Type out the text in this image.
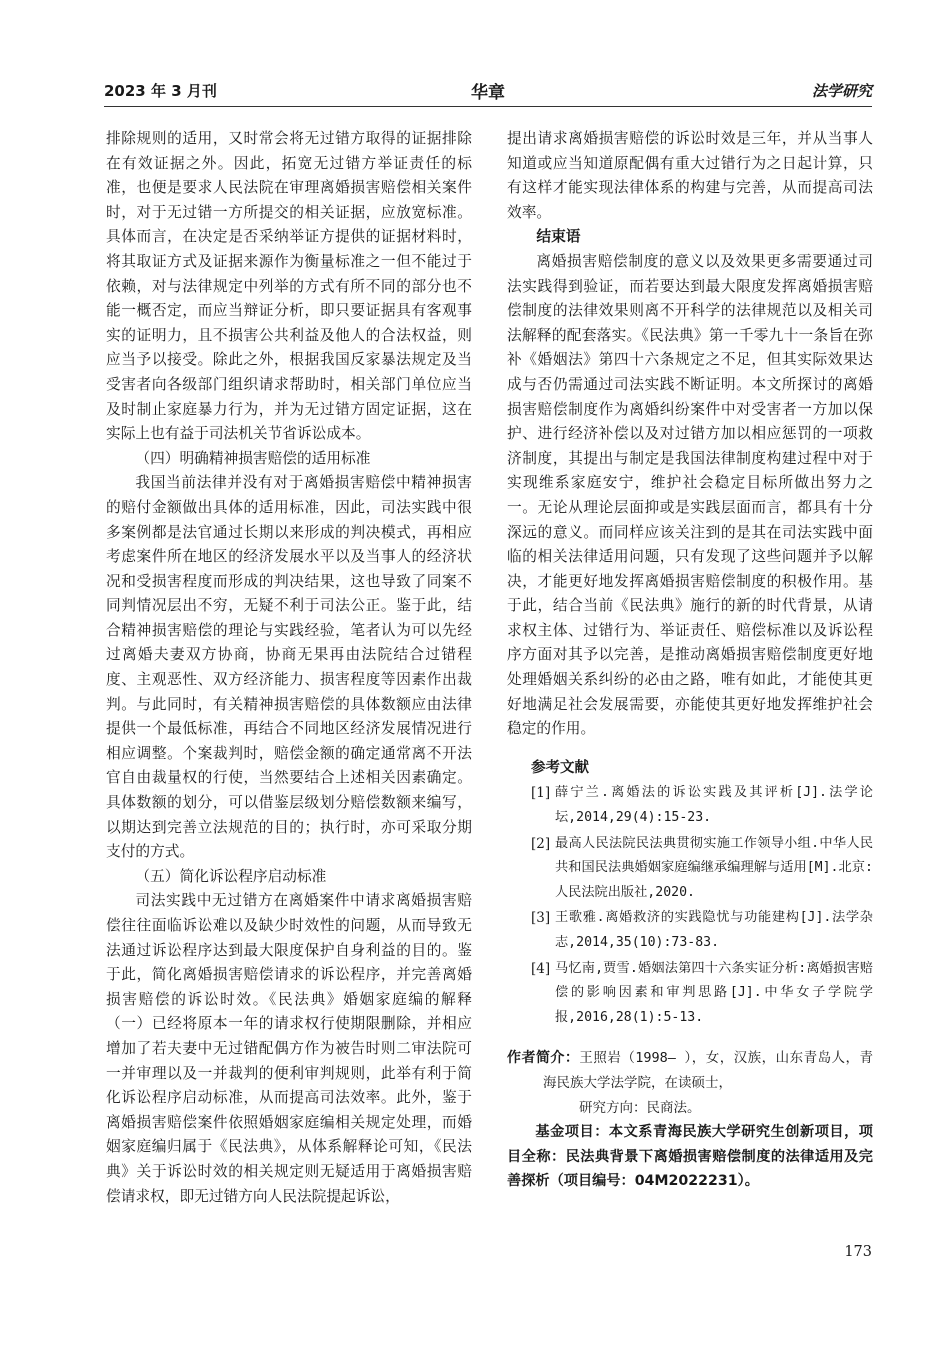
2023 年 3 月刊	华章	法学研究

排除规则的适用，又时常会将无过错方取得的证据排除在有效证据之外。因此，拓宽无过错方举证责任的标准，也便是要求人民法院在审理离婚损害赔偿相关案件时，对于无过错一方所提交的相关证据，应放宽标准。具体而言，在决定是否采纳举证方提供的证据材料时，将其取证方式及证据来源作为衡量标准之一但不能过于依赖，对与法律规定中列举的方式有所不同的部分也不能一概否定，而应当辩证分析，即只要证据具有客观事实的证明力，且不损害公共利益及他人的合法权益，则应当予以接受。除此之外，根据我国反家暴法规定及当受害者向各级部门组织请求帮助时，相关部门单位应当及时制止家庭暴力行为，并为无过错方固定证据，这在实际上也有益于司法机关节省诉讼成本。

（四）明确精神损害赔偿的适用标准

我国当前法律并没有对于离婚损害赔偿中精神损害的赔付金额做出具体的适用标准，因此，司法实践中很多案例都是法官通过长期以来形成的判决模式，再相应考虑案件所在地区的经济发展水平以及当事人的经济状况和受损害程度而形成的判决结果，这也导致了同案不同判情况层出不穷，无疑不利于司法公正。鉴于此，结合精神损害赔偿的理论与实践经验，笔者认为可以先经过离婚夫妻双方协商，协商无果再由法院结合过错程度、主观恶性、双方经济能力、损害程度等因素作出裁判。与此同时，有关精神损害赔偿的具体数额应由法律提供一个最低标准，再结合不同地区经济发展情况进行相应调整。个案裁判时，赔偿金额的确定通常离不开法官自由裁量权的行使，当然要结合上述相关因素确定。具体数额的划分，可以借鉴层级划分赔偿数额来编写，以期达到完善立法规范的目的；执行时，亦可采取分期支付的方式。

（五）简化诉讼程序启动标准

司法实践中无过错方在离婚案件中请求离婚损害赔偿往往面临诉讼难以及缺少时效性的问题，从而导致无法通过诉讼程序达到最大限度保护自身利益的目的。鉴于此，简化离婚损害赔偿请求的诉讼程序，并完善离婚损害赔偿的诉讼时效。《民法典》婚姻家庭编的解释（一）已经将原本一年的请求权行使期限删除，并相应增加了若夫妻中无过错配偶方作为被告时则二审法院可一并审理以及一并裁判的便利审判规则，此举有利于简化诉讼程序启动标准，从而提高司法效率。此外，鉴于离婚损害赔偿案件依照婚姻家庭编相关规定处理，而婚姻家庭编归属于《民法典》，从体系解释论可知，《民法典》关于诉讼时效的相关规定则无疑适用于离婚损害赔偿请求权，即无过错方向人民法院提起诉讼，

提出请求离婚损害赔偿的诉讼时效是三年，并从当事人知道或应当知道原配偶有重大过错行为之日起计算，只有这样才能实现法律体系的构建与完善，从而提高司法效率。

结束语

离婚损害赔偿制度的意义以及效果更多需要通过司法实践得到验证，而若要达到最大限度发挥离婚损害赔偿制度的法律效果则离不开科学的法律规范以及相关司法解释的配套落实。《民法典》第一千零九十一条旨在弥补《婚姻法》第四十六条规定之不足，但其实际效果达成与否仍需通过司法实践不断证明。本文所探讨的离婚损害赔偿制度作为离婚纠纷案件中对受害者一方加以保护、进行经济补偿以及对过错方加以相应惩罚的一项救济制度，其提出与制定是我国法律制度构建过程中对于实现维系家庭安宁，维护社会稳定目标所做出努力之一。无论从理论层面抑或是实践层面而言，都具有十分深远的意义。而同样应该关注到的是其在司法实践中面临的相关法律适用问题，只有发现了这些问题并予以解决，才能更好地发挥离婚损害赔偿制度的积极作用。基于此，结合当前《民法典》施行的新的时代背景，从请求权主体、过错行为、举证责任、赔偿标准以及诉讼程序方面对其予以完善，是推动离婚损害赔偿制度更好地处理婚姻关系纠纷的必由之路，唯有如此，才能使其更好地满足社会发展需要，亦能使其更好地发挥维护社会稳定的作用。

参考文献
[1] 薛宁兰.离婚法的诉讼实践及其评析[J].法学论坛,2014,29(4):15-23.
[2] 最高人民法院民法典贯彻实施工作领导小组.中华人民共和国民法典婚姻家庭编继承编理解与适用[M].北京:人民法院出版社,2020.
[3] 王歌雅.离婚救济的实践隐忧与功能建构[J].法学杂志,2014,35(10):73-83.
[4] 马忆南,贾雪.婚姻法第四十六条实证分析:离婚损害赔偿的影响因素和审判思路[J].中华女子学院学报,2016,28(1):5-13.
作者简介：王照岩（1998— ），女，汉族，山东青岛人，青海民族大学法学院，在读硕士，
研究方向：民商法。

基金项目：本文系青海民族大学研究生创新项目，项目全称：民法典背景下离婚损害赔偿制度的法律适用及完善探析（项目编号：04M2022231）。

173
